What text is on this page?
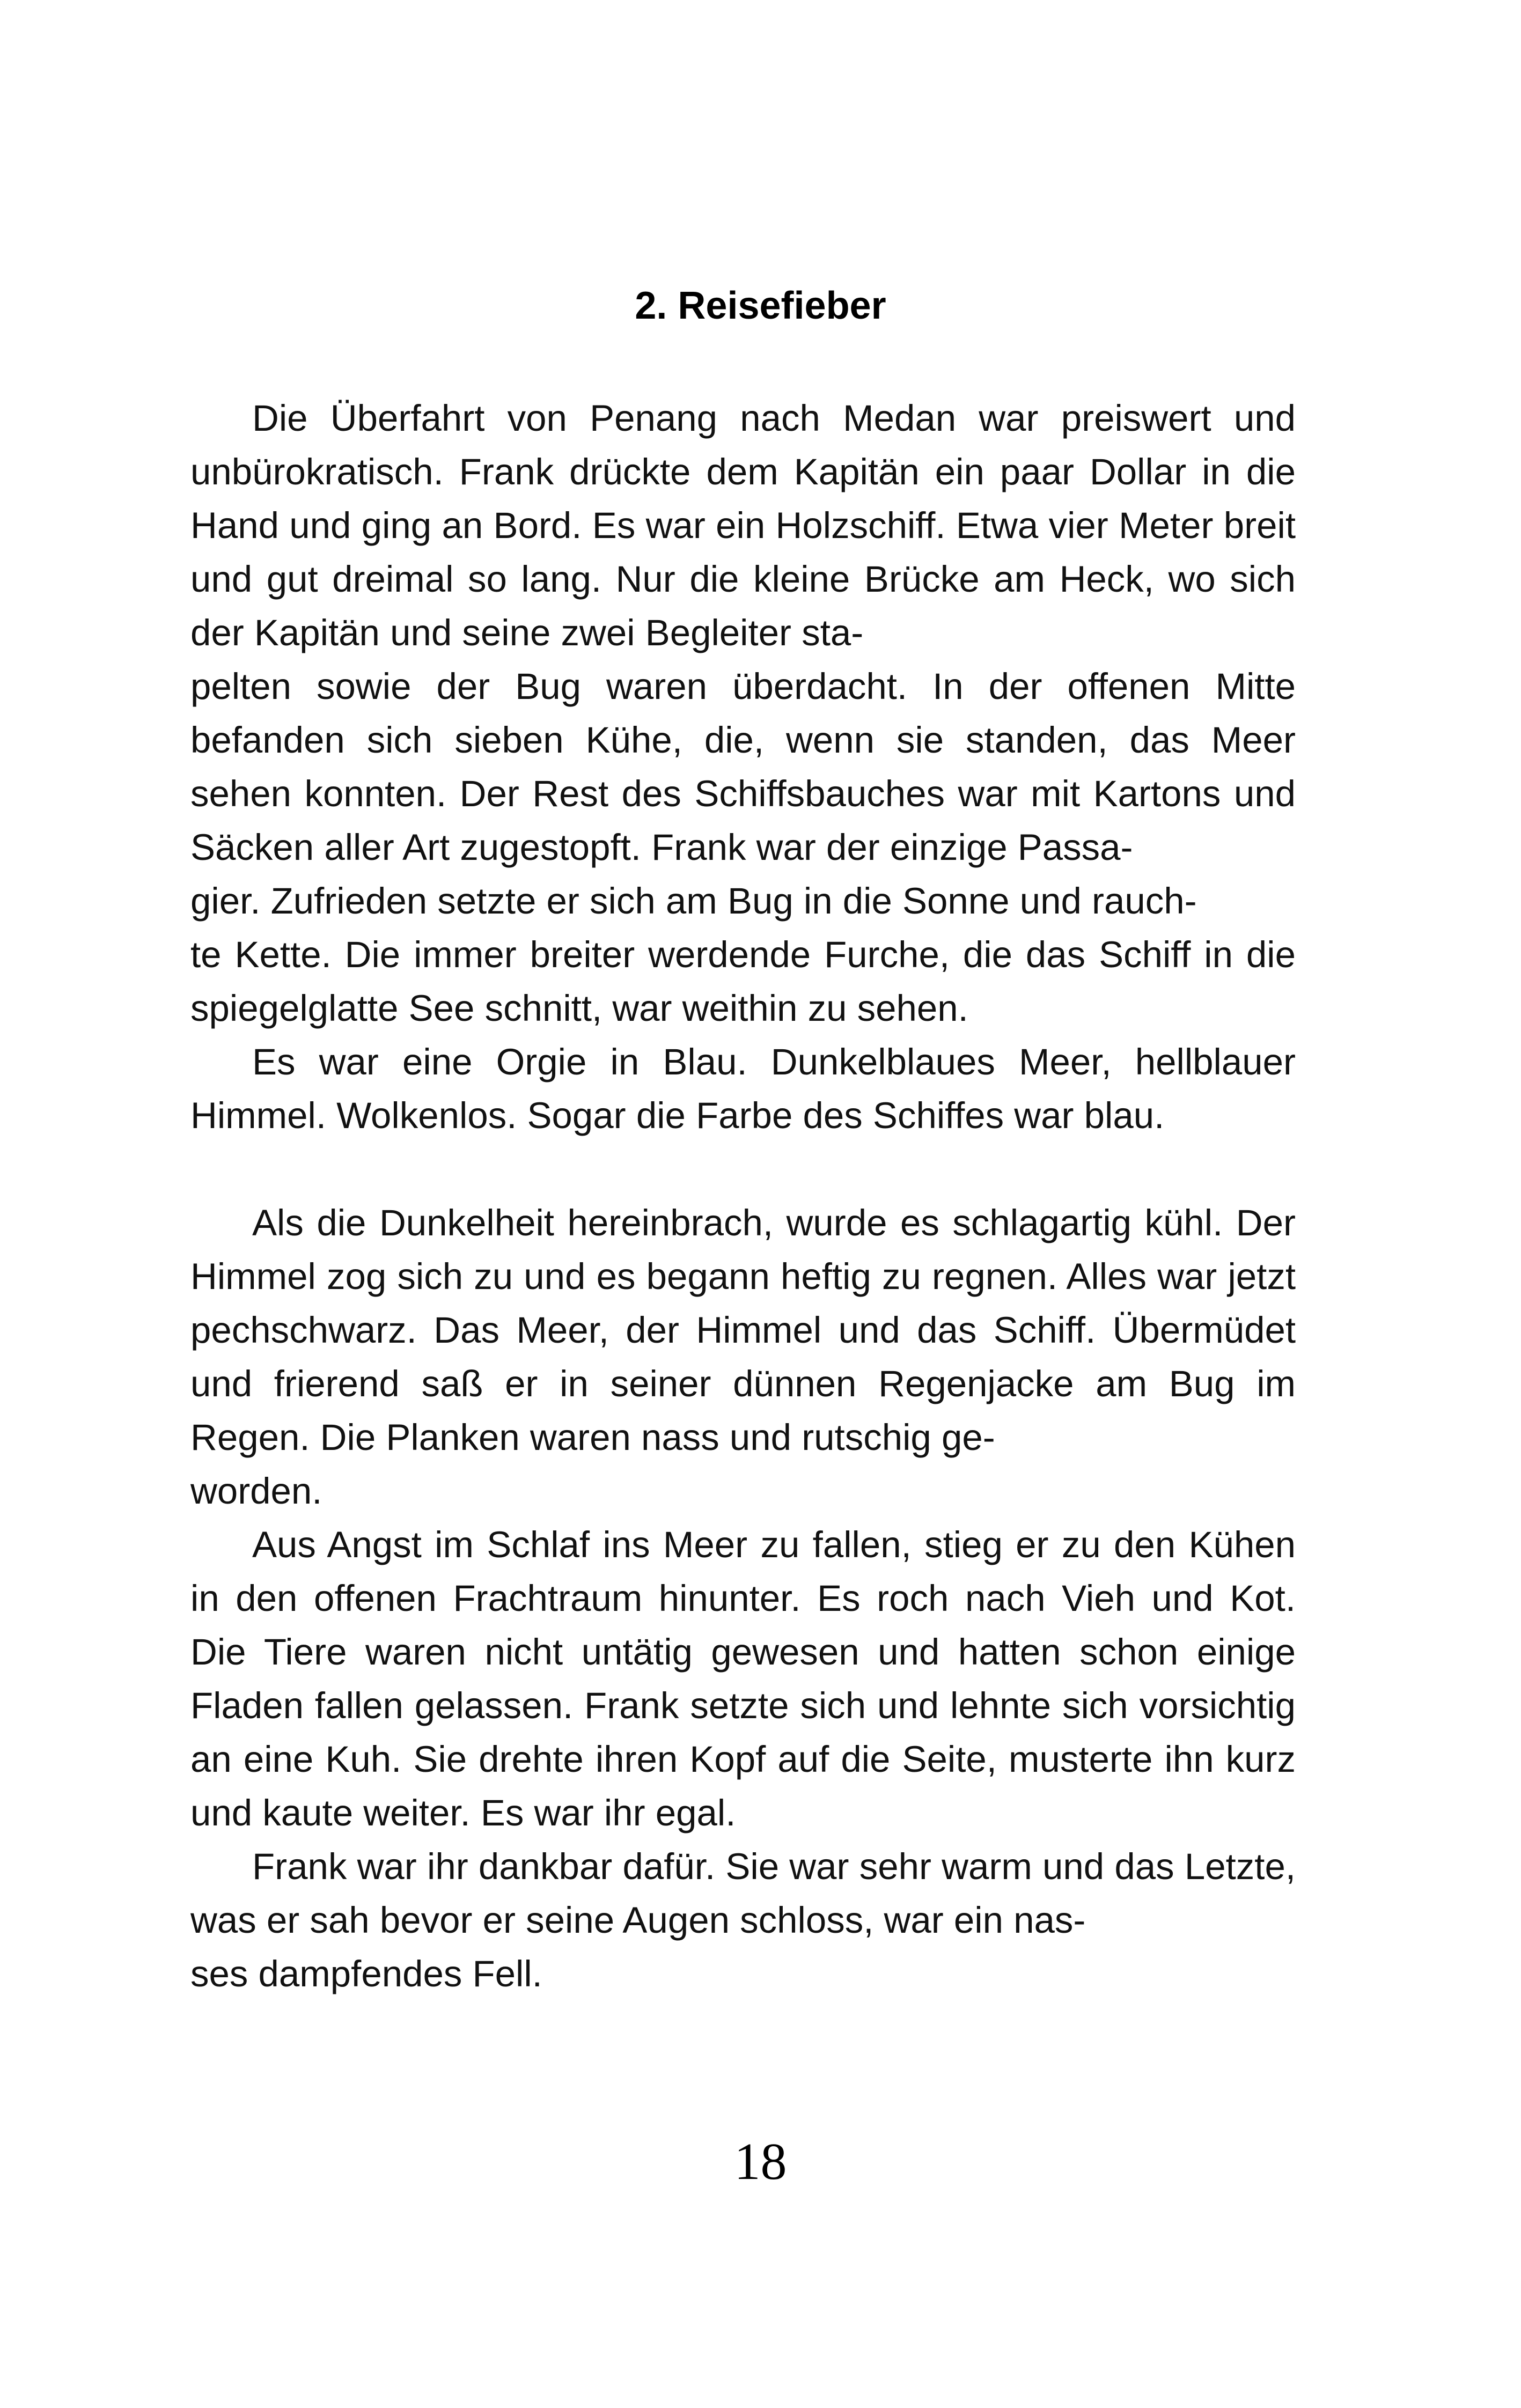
2. Reisefieber

Die Überfahrt von Penang nach Medan war preiswert und unbürokratisch. Frank drückte dem Kapitän ein paar Dollar in die Hand und ging an Bord. Es war ein Holzschiff. Etwa vier Meter breit und gut dreimal so lang. Nur die kleine Brücke am Heck, wo sich der Kapitän und seine zwei Begleiter sta-
pelten sowie der Bug waren überdacht. In der offenen Mitte befanden sich sieben Kühe, die, wenn sie standen, das Meer sehen konnten. Der Rest des Schiffsbauches war mit Kartons und Säcken aller Art zugestopft. Frank war der einzige Passa-
gier. Zufrieden setzte er sich am Bug in die Sonne und rauch-
te Kette. Die immer breiter werdende Furche, die das Schiff in die spiegelglatte See schnitt, war weithin zu sehen.

Es war eine Orgie in Blau. Dunkelblaues Meer, hellblauer Himmel. Wolkenlos. Sogar die Farbe des Schiffes war blau.

Als die Dunkelheit hereinbrach, wurde es schlagartig kühl. Der Himmel zog sich zu und es begann heftig zu regnen. Alles war jetzt pechschwarz. Das Meer, der Himmel und das Schiff. Übermüdet und frierend saß er in seiner dünnen Regenjacke am Bug im Regen. Die Planken waren nass und rutschig ge-
worden.

Aus Angst im Schlaf ins Meer zu fallen, stieg er zu den Kühen in den offenen Frachtraum hinunter. Es roch nach Vieh und Kot. Die Tiere waren nicht untätig gewesen und hatten schon einige Fladen fallen gelassen. Frank setzte sich und lehnte sich vorsichtig an eine Kuh. Sie drehte ihren Kopf auf die Seite, musterte ihn kurz und kaute weiter. Es war ihr egal.

Frank war ihr dankbar dafür. Sie war sehr warm und das Letzte, was er sah bevor er seine Augen schloss, war ein nas-
ses dampfendes Fell.

18
